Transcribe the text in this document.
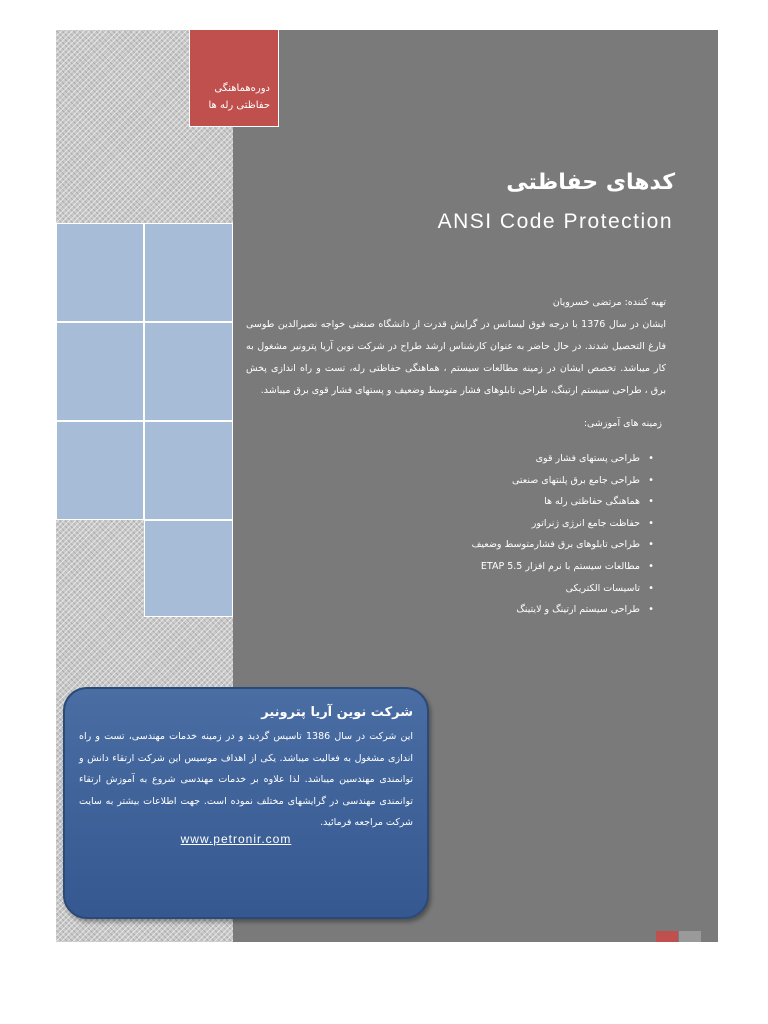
دوره‌هماهنگی
حفاظتی رله ها
کدهای حفاظتی
ANSI Code Protection
تهیه کننده: مرتضی خسرویان
ایشان در سال 1376 با درجه فوق لیسانس در گرایش قدرت از دانشگاه صنعتی خواجه نصیرالدین طوسی فارغ التحصیل شدند. در حال حاضر به عنوان کارشناس ارشد طراح در شرکت نوین آریا پترونیر مشغول به کار میباشد. تخصص ایشان در زمینه مطالعات سیستم ، هماهنگی حفاظتی رله، تست و راه اندازی پخش برق ، طراحی سیستم ارتینگ، طراحی تابلوهای فشار متوسط وضعیف و پستهای فشار قوی برق میباشد.
زمینه های آموزشی:
•طراحی پستهای فشار قوی
•طراحی جامع برق پلنتهای صنعتی
•هماهنگی حفاظتی رله ها
•حفاظت جامع انرژی ژنراتور
•طراحی تابلوهای برق فشارمتوسط وضعیف
•مطالعات سیستم با نرم افزار ETAP 5.5
•تاسیسات الکتریکی
•طراحی سیستم ارتینگ و لایتینگ
شرکت نوین آریا پترونیر
این شرکت در سال 1386 تاسیس گردید و در زمینه خدمات مهندسی، تست و راه اندازی مشغول به فعالیت میباشد. یکی از اهداف موسیس این شرکت ارتقاء دانش و توانمندی مهندسین میباشد. لذا علاوه بر خدمات مهندسی شروع به آموزش ارتقاء توانمندی مهندسی در گرایشهای مختلف نموده است. جهت اطلاعات بیشتر به سایت شرکت مراجعه فرمائید.
www.petronir.com
